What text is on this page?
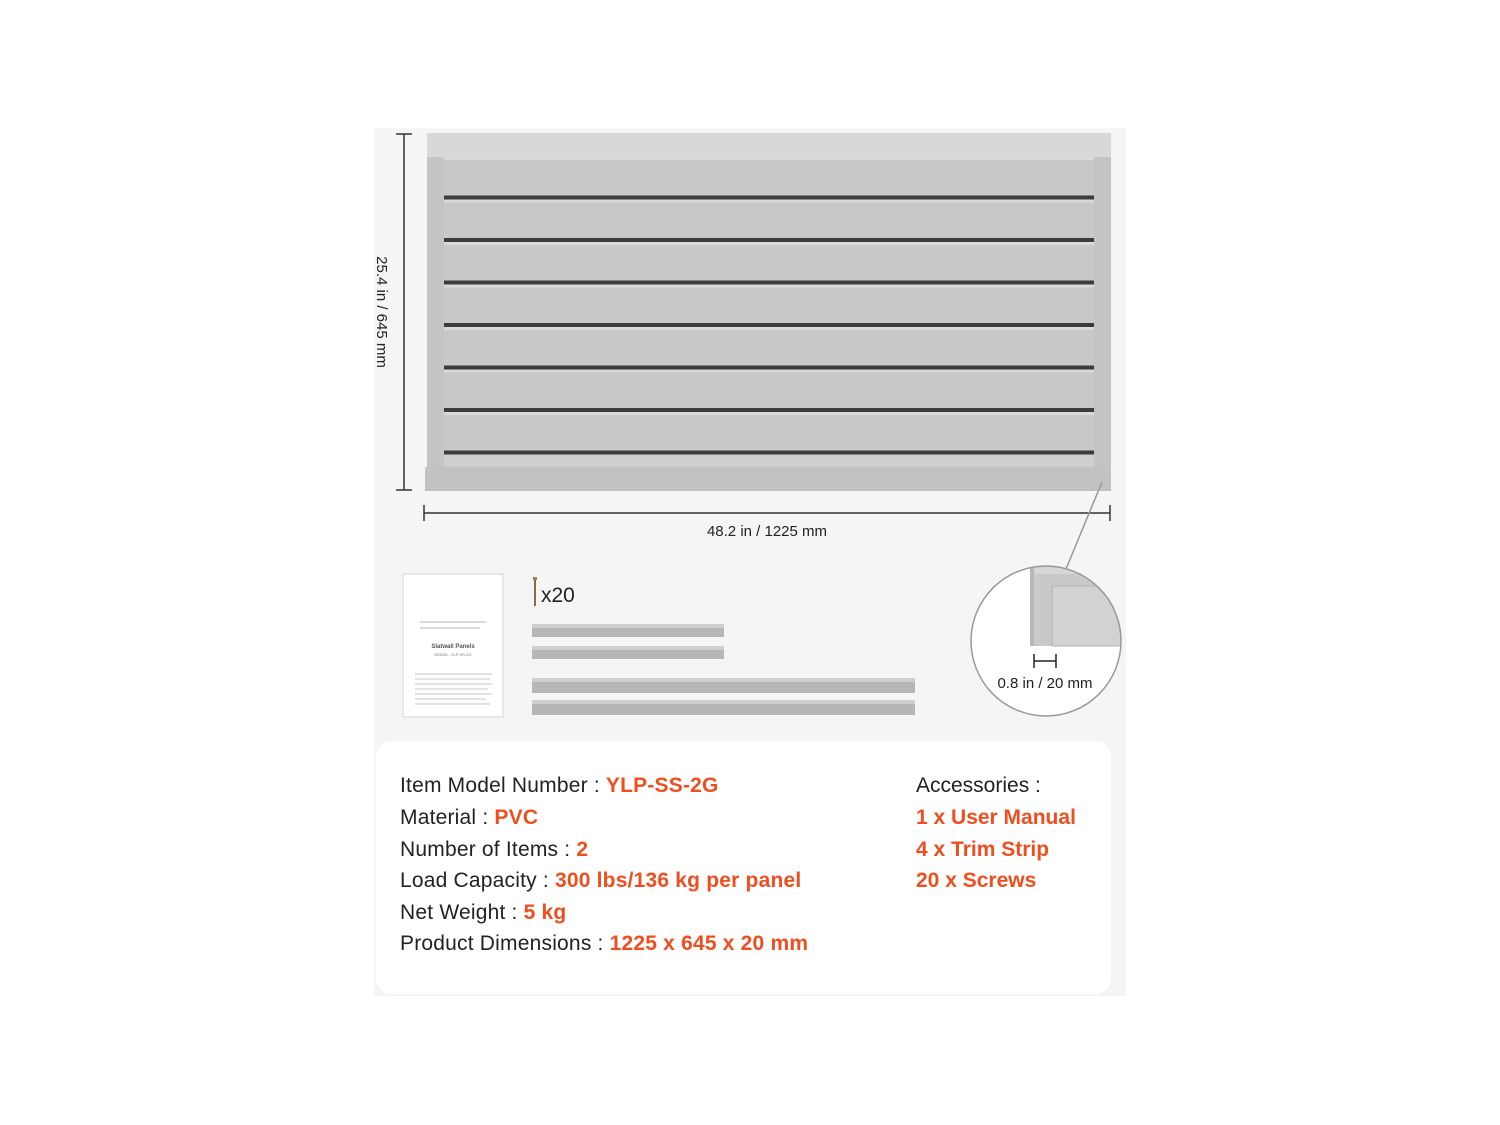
25.4 in / 645 mm
48.2 in / 1225 mm
Slatwall Panels
MODEL: YLP-SS-2G
x20
0.8 in / 20 mm
Item Model Number : YLP-SS-2G
Material : PVC
Number of Items : 2
Load Capacity : 300 lbs/136 kg per panel
Net Weight : 5 kg
Product Dimensions : 1225 x 645 x 20 mm
Accessories :
1 x User Manual
4 x Trim Strip
20 x Screws
